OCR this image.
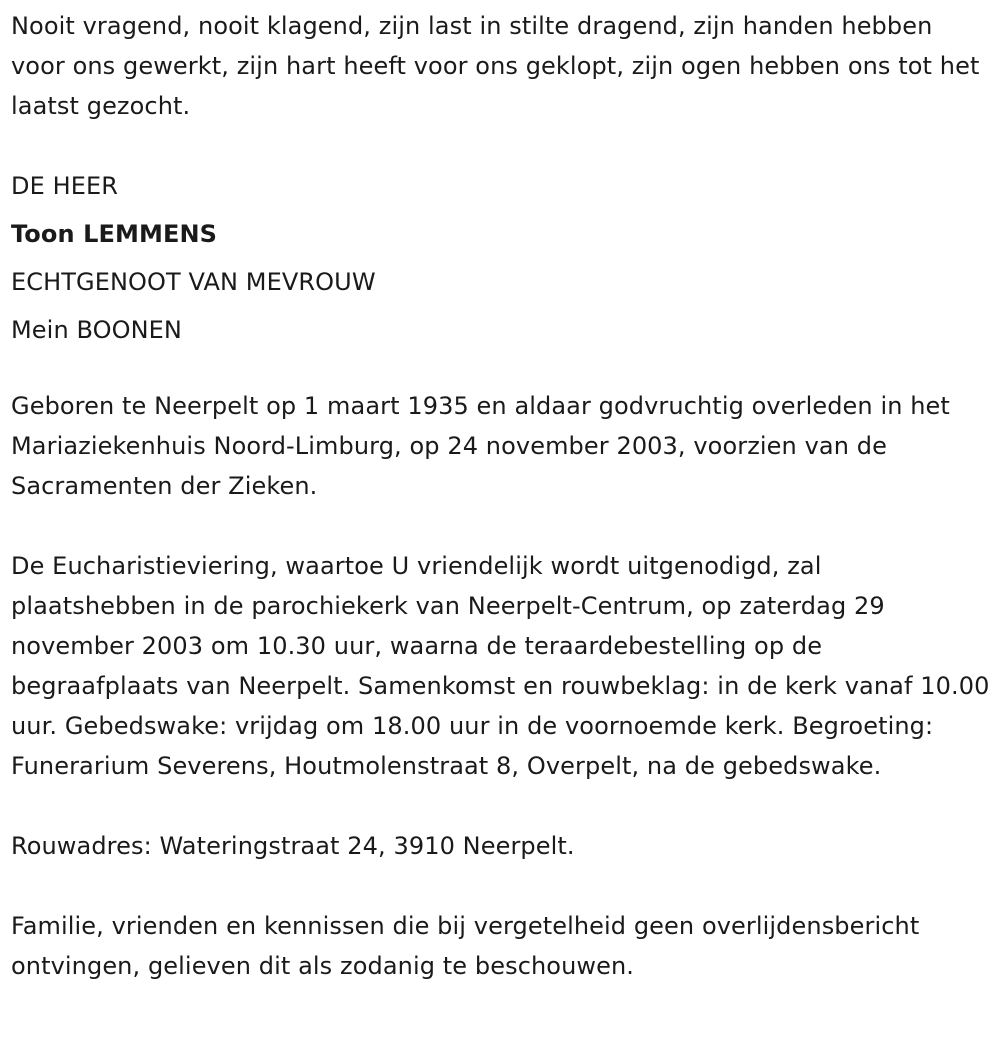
Nooit vragend, nooit klagend, zijn last in stilte dragend, zijn handen hebben voor ons gewerkt, zijn hart heeft voor ons geklopt, zijn ogen hebben ons tot het laatst gezocht.

DE HEER

Toon LEMMENS

ECHTGENOOT VAN MEVROUW

Mein BOONEN

Geboren te Neerpelt op 1 maart 1935 en aldaar godvruchtig overleden in het Mariaziekenhuis Noord-Limburg, op 24 november 2003, voorzien van de Sacramenten der Zieken.

De Eucharistieviering, waartoe U vriendelijk wordt uitgenodigd, zal plaatshebben in de parochiekerk van Neerpelt-Centrum, op zaterdag 29 november 2003 om 10.30 uur, waarna de teraardebestelling op de begraafplaats van Neerpelt. Samenkomst en rouwbeklag: in de kerk vanaf 10.00 uur. Gebedswake: vrijdag om 18.00 uur in de voornoemde kerk. Begroeting: Funerarium Severens, Houtmolenstraat 8, Overpelt, na de gebedswake.

Rouwadres: Wateringstraat 24, 3910 Neerpelt.

Familie, vrienden en kennissen die bij vergetelheid geen overlijdensbericht ontvingen, gelieven dit als zodanig te beschouwen.
